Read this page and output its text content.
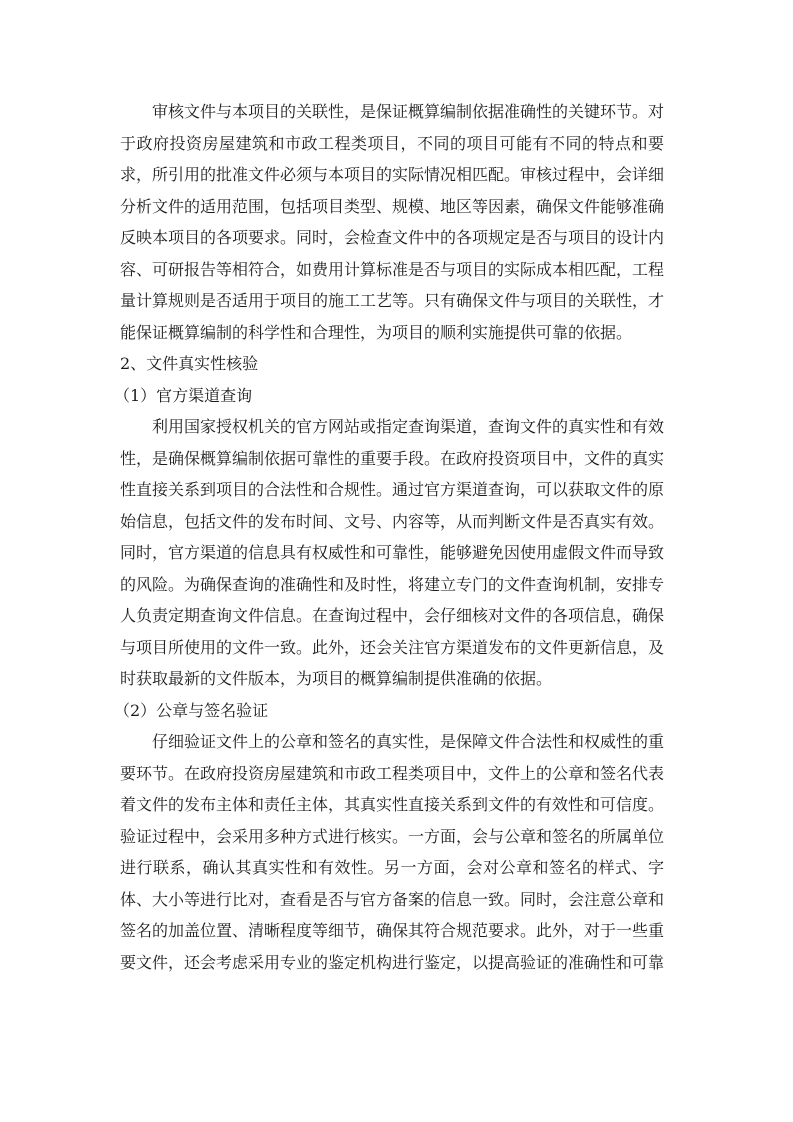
审核文件与本项目的关联性，是保证概算编制依据准确性的关键环节。对
于政府投资房屋建筑和市政工程类项目，不同的项目可能有不同的特点和要
求，所引用的批准文件必须与本项目的实际情况相匹配。审核过程中，会详细
分析文件的适用范围，包括项目类型、规模、地区等因素，确保文件能够准确
反映本项目的各项要求。同时，会检查文件中的各项规定是否与项目的设计内
容、可研报告等相符合，如费用计算标准是否与项目的实际成本相匹配，工程
量计算规则是否适用于项目的施工工艺等。只有确保文件与项目的关联性，才
能保证概算编制的科学性和合理性，为项目的顺利实施提供可靠的依据。
2、文件真实性核验
（1）官方渠道查询
利用国家授权机关的官方网站或指定查询渠道，查询文件的真实性和有效
性，是确保概算编制依据可靠性的重要手段。在政府投资项目中，文件的真实
性直接关系到项目的合法性和合规性。通过官方渠道查询，可以获取文件的原
始信息，包括文件的发布时间、文号、内容等，从而判断文件是否真实有效。
同时，官方渠道的信息具有权威性和可靠性，能够避免因使用虚假文件而导致
的风险。为确保查询的准确性和及时性，将建立专门的文件查询机制，安排专
人负责定期查询文件信息。在查询过程中，会仔细核对文件的各项信息，确保
与项目所使用的文件一致。此外，还会关注官方渠道发布的文件更新信息，及
时获取最新的文件版本，为项目的概算编制提供准确的依据。
（2）公章与签名验证
仔细验证文件上的公章和签名的真实性，是保障文件合法性和权威性的重
要环节。在政府投资房屋建筑和市政工程类项目中，文件上的公章和签名代表
着文件的发布主体和责任主体，其真实性直接关系到文件的有效性和可信度。
验证过程中，会采用多种方式进行核实。一方面，会与公章和签名的所属单位
进行联系，确认其真实性和有效性。另一方面，会对公章和签名的样式、字
体、大小等进行比对，查看是否与官方备案的信息一致。同时，会注意公章和
签名的加盖位置、清晰程度等细节，确保其符合规范要求。此外，对于一些重
要文件，还会考虑采用专业的鉴定机构进行鉴定，以提高验证的准确性和可靠
